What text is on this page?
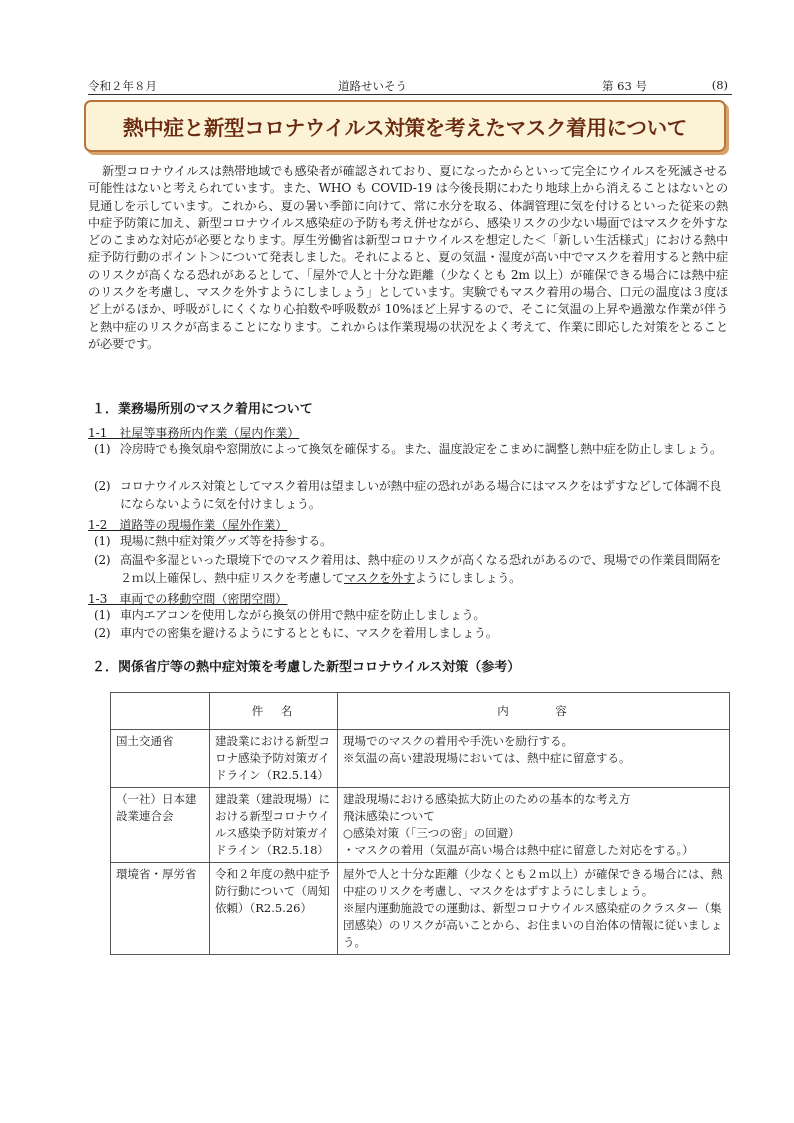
令和２年８月	道路せいそう	第 63 号	(8)
熱中症と新型コロナウイルス対策を考えたマスク着用について
新型コロナウイルスは熱帯地域でも感染者が確認されており、夏になったからといって完全にウイルスを死滅させる可能性はないと考えられています。また、WHO も COVID-19 は今後長期にわたり地球上から消えることはないとの見通しを示しています。これから、夏の暑い季節に向けて、常に水分を取る、体調管理に気を付けるといった従来の熱中症予防策に加え、新型コロナウイルス感染症の予防も考え併せながら、感染リスクの少ない場面ではマスクを外すなどのこまめな対応が必要となります。厚生労働省は新型コロナウイルスを想定した＜「新しい生活様式」における熱中症予防行動のポイント＞について発表しました。それによると、夏の気温・湿度が高い中でマスクを着用すると熱中症のリスクが高くなる恐れがあるとして、「屋外で人と十分な距離（少なくとも 2m 以上）が確保できる場合には熱中症のリスクを考慮し、マスクを外すようにしましょう」としています。実験でもマスク着用の場合、口元の温度は３度ほど上がるほか、呼吸がしにくくなり心拍数や呼吸数が 10%ほど上昇するので、そこに気温の上昇や過激な作業が伴うと熱中症のリスクが高まることになります。これからは作業現場の状況をよく考えて、作業に即応した対策をとることが必要です。
１．業務場所別のマスク着用について
1-1　社屋等事務所内作業（屋内作業）
(1) 冷房時でも換気扇や窓開放によって換気を確保する。また、温度設定をこまめに調整し熱中症を防止しましょう。
(2) コロナウイルス対策としてマスク着用は望ましいが熱中症の恐れがある場合にはマスクをはずすなどして体調不良にならないように気を付けましょう。
1-2　道路等の現場作業（屋外作業）
(1) 現場に熱中症対策グッズ等を持参する。
(2) 高温や多湿といった環境下でのマスク着用は、熱中症のリスクが高くなる恐れがあるので、現場での作業員間隔を２ｍ以上確保し、熱中症リスクを考慮してマスクを外すようにしましょう。
1-3　車両での移動空間（密閉空間）
(1) 車内エアコンを使用しながら換気の併用で熱中症を防止しましょう。
(2) 車内での密集を避けるようにするとともに、マスクを着用しましょう。
２．関係省庁等の熱中症対策を考慮した新型コロナウイルス対策（参考）
	件　名	内　　　容
国土交通省	建設業における新型コロナ感染予防対策ガイドライン（R2.5.14）	現場でのマスクの着用や手洗いを励行する。
※気温の高い建設現場においては、熱中症に留意する。

（一社）日本建設業連合会	建設業（建設現場）における新型コロナウイルス感染予防対策ガイドライン（R2.5.18）	建設現場における感染拡大防止のための基本的な考え方
飛沫感染について
○感染対策（「三つの密」の回避）
・マスクの着用（気温が高い場合は熱中症に留意した対応をする。）

環境省・厚労省	令和２年度の熱中症予防行動について（周知依頼）（R2.5.26）	屋外で人と十分な距離（少なくとも２ｍ以上）が確保できる場合には、熱中症のリスクを考慮し、マスクをはずすようにしましょう。
※屋内運動施設での運動は、新型コロナウイルス感染症のクラスター（集団感染）のリスクが高いことから、お住まいの自治体の情報に従いましょう。
